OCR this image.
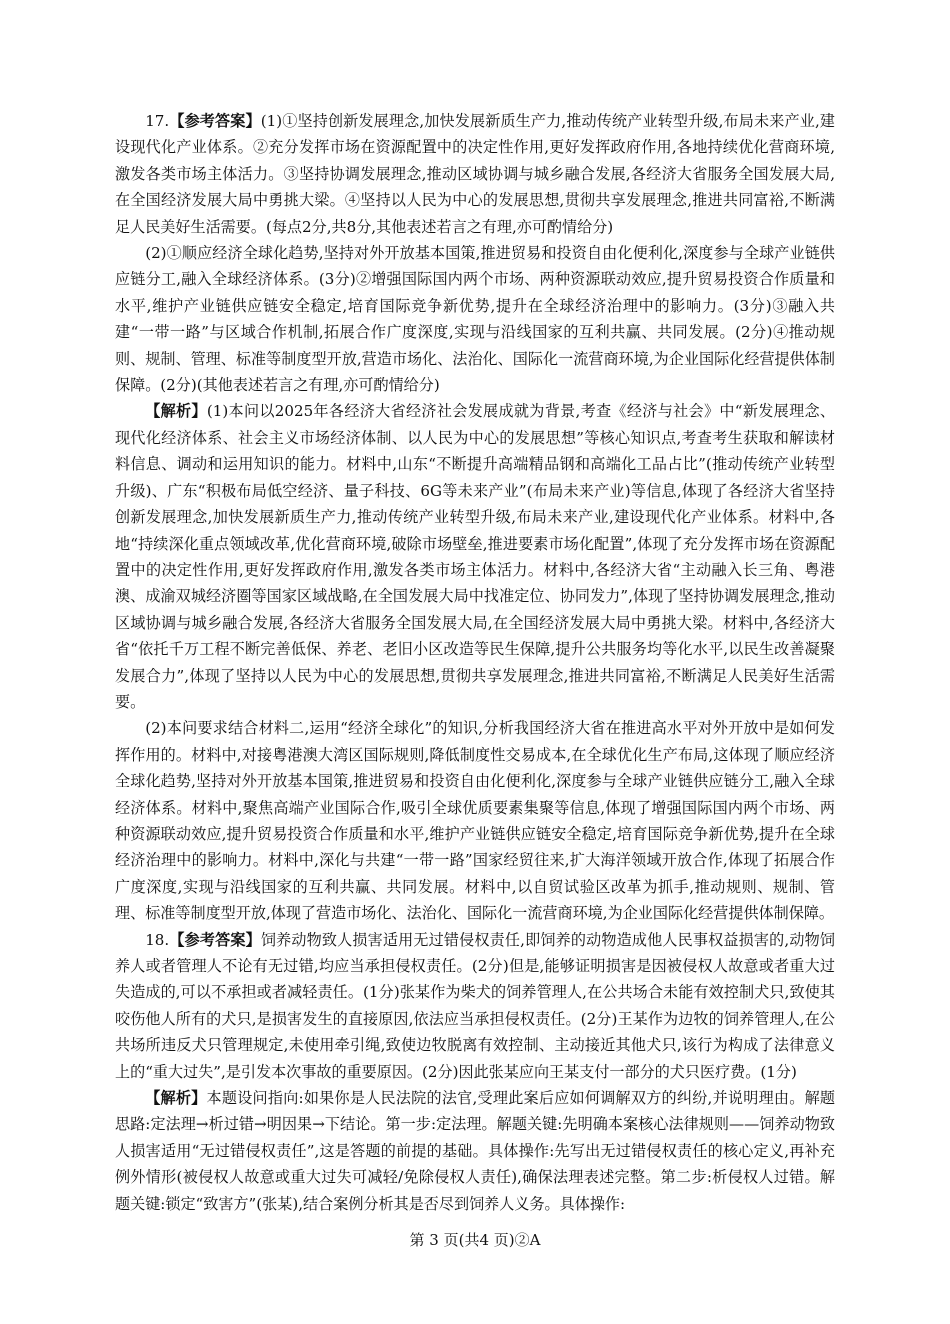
17.【参考答案】(1)①坚持创新发展理念,加快发展新质生产力,推动传统产业转型升级,布局未来产业,建设现代化产业体系。②充分发挥市场在资源配置中的决定性作用,更好发挥政府作用,各地持续优化营商环境,激发各类市场主体活力。③坚持协调发展理念,推动区域协调与城乡融合发展,各经济大省服务全国发展大局,在全国经济发展大局中勇挑大梁。④坚持以人民为中心的发展思想,贯彻共享发展理念,推进共同富裕,不断满足人民美好生活需要。(每点2分,共8分,其他表述若言之有理,亦可酌情给分)

(2)①顺应经济全球化趋势,坚持对外开放基本国策,推进贸易和投资自由化便利化,深度参与全球产业链供应链分工,融入全球经济体系。(3分)②增强国际国内两个市场、两种资源联动效应,提升贸易投资合作质量和水平,维护产业链供应链安全稳定,培育国际竞争新优势,提升在全球经济治理中的影响力。(3分)③融入共建“一带一路”与区域合作机制,拓展合作广度深度,实现与沿线国家的互利共赢、共同发展。(2分)④推动规则、规制、管理、标准等制度型开放,营造市场化、法治化、国际化一流营商环境,为企业国际化经营提供体制保障。(2分)(其他表述若言之有理,亦可酌情给分)

【解析】(1)本问以2025年各经济大省经济社会发展成就为背景,考查《经济与社会》中“新发展理念、现代化经济体系、社会主义市场经济体制、以人民为中心的发展思想”等核心知识点,考查考生获取和解读材料信息、调动和运用知识的能力。材料中,山东“不断提升高端精品钢和高端化工品占比”(推动传统产业转型升级)、广东“积极布局低空经济、量子科技、6G等未来产业”(布局未来产业)等信息,体现了各经济大省坚持创新发展理念,加快发展新质生产力,推动传统产业转型升级,布局未来产业,建设现代化产业体系。材料中,各地“持续深化重点领域改革,优化营商环境,破除市场壁垒,推进要素市场化配置”,体现了充分发挥市场在资源配置中的决定性作用,更好发挥政府作用,激发各类市场主体活力。材料中,各经济大省“主动融入长三角、粤港澳、成渝双城经济圈等国家区域战略,在全国发展大局中找准定位、协同发力”,体现了坚持协调发展理念,推动区域协调与城乡融合发展,各经济大省服务全国发展大局,在全国经济发展大局中勇挑大梁。材料中,各经济大省“依托千万工程不断完善低保、养老、老旧小区改造等民生保障,提升公共服务均等化水平,以民生改善凝聚发展合力”,体现了坚持以人民为中心的发展思想,贯彻共享发展理念,推进共同富裕,不断满足人民美好生活需要。

(2)本问要求结合材料二,运用“经济全球化”的知识,分析我国经济大省在推进高水平对外开放中是如何发挥作用的。材料中,对接粤港澳大湾区国际规则,降低制度性交易成本,在全球优化生产布局,这体现了顺应经济全球化趋势,坚持对外开放基本国策,推进贸易和投资自由化便利化,深度参与全球产业链供应链分工,融入全球经济体系。材料中,聚焦高端产业国际合作,吸引全球优质要素集聚等信息,体现了增强国际国内两个市场、两种资源联动效应,提升贸易投资合作质量和水平,维护产业链供应链安全稳定,培育国际竞争新优势,提升在全球经济治理中的影响力。材料中,深化与共建“一带一路”国家经贸往来,扩大海洋领域开放合作,体现了拓展合作广度深度,实现与沿线国家的互利共赢、共同发展。材料中,以自贸试验区改革为抓手,推动规则、规制、管理、标准等制度型开放,体现了营造市场化、法治化、国际化一流营商环境,为企业国际化经营提供体制保障。

18.【参考答案】饲养动物致人损害适用无过错侵权责任,即饲养的动物造成他人民事权益损害的,动物饲养人或者管理人不论有无过错,均应当承担侵权责任。(2分)但是,能够证明损害是因被侵权人故意或者重大过失造成的,可以不承担或者减轻责任。(1分)张某作为柴犬的饲养管理人,在公共场合未能有效控制犬只,致使其咬伤他人所有的犬只,是损害发生的直接原因,依法应当承担侵权责任。(2分)王某作为边牧的饲养管理人,在公共场所违反犬只管理规定,未使用牵引绳,致使边牧脱离有效控制、主动接近其他犬只,该行为构成了法律意义上的“重大过失”,是引发本次事故的重要原因。(2分)因此张某应向王某支付一部分的犬只医疗费。(1分)

【解析】本题设问指向:如果你是人民法院的法官,受理此案后应如何调解双方的纠纷,并说明理由。解题思路:定法理→析过错→明因果→下结论。第一步:定法理。解题关键:先明确本案核心法律规则——饲养动物致人损害适用“无过错侵权责任”,这是答题的前提的基础。具体操作:先写出无过错侵权责任的核心定义,再补充例外情形(被侵权人故意或重大过失可减轻/免除侵权人责任),确保法理表述完整。第二步:析侵权人过错。解题关键:锁定“致害方”(张某),结合案例分析其是否尽到饲养人义务。具体操作:

第 3 页(共4 页)②A
